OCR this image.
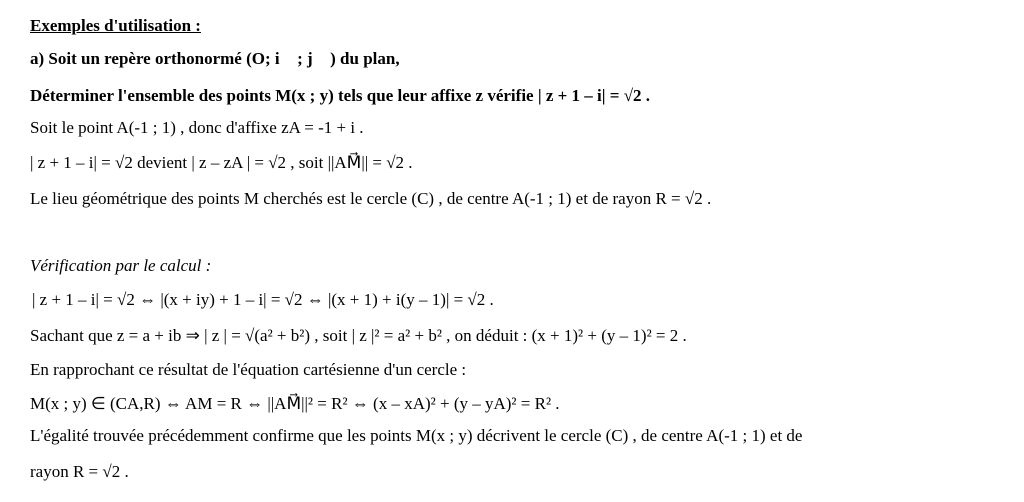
Exemples d'utilisation :
a) Soit un repère orthonormé (O; i⃗ ; j⃗ ) du plan,
Déterminer l'ensemble des points M(x ; y) tels que leur affixe z vérifie | z + 1 – i| = √2 .
Soit le point A(-1 ; 1) , donc d'affixe zA = -1 + i .
| z + 1 – i| = √2 devient | z – zA | = √2 , soit ||AM⃗|| = √2 .
Le lieu géométrique des points M cherchés est le cercle (C) , de centre A(-1 ; 1) et de rayon R = √2 .
Vérification par le calcul :
| z + 1 – i| = √2 ⇔ |(x + iy) + 1 – i| = √2 ⇔ |(x + 1) + i(y – 1)| = √2 .
Sachant que z = a + ib ⇒ | z | = √(a² + b²) , soit | z |² = a² + b² , on déduit : (x + 1)² + (y – 1)² = 2 .
En rapprochant ce résultat de l'équation cartésienne d'un cercle :
M(x ; y) ∈ (CA,R) ⇔ AM = R ⇔ ||AM⃗||² = R² ⇔ (x – xA)² + (y – yA)² = R² .
L'égalité trouvée précédemment confirme que les points M(x ; y) décrivent le cercle (C) , de centre A(-1 ; 1) et de
rayon R = √2 .
